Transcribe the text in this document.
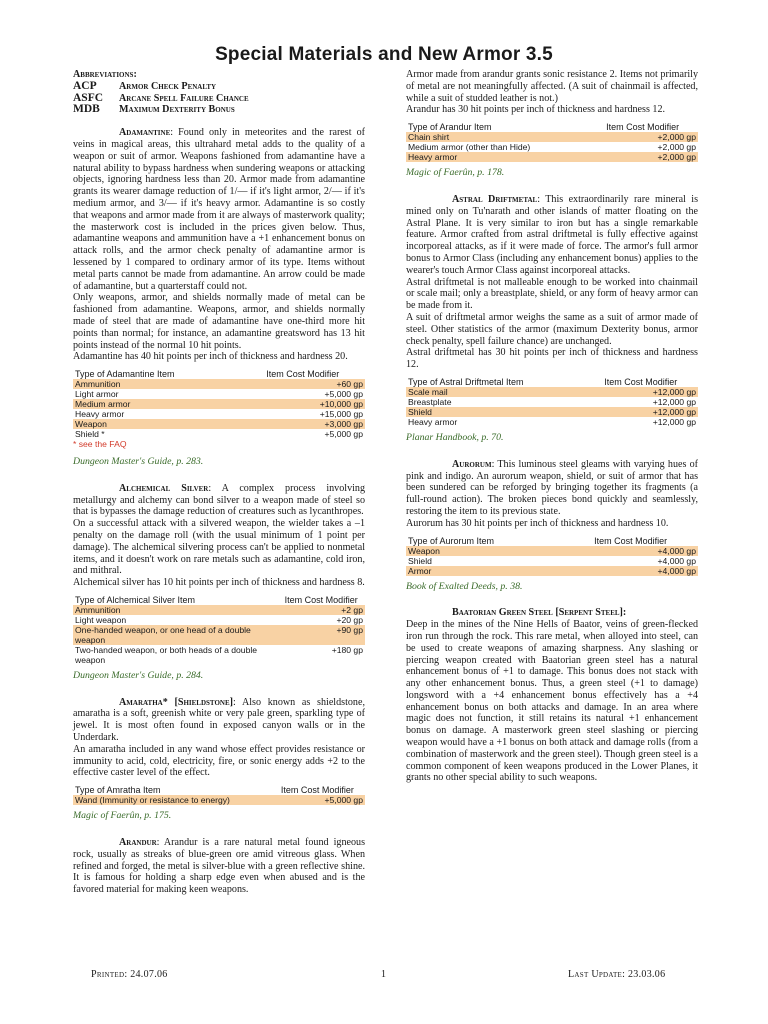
Special Materials and New Armor 3.5
Abbreviations:
ACP	Armor Check Penalty
ASFC	Arcane Spell Failure Chance
MDB	Maximum Dexterity Bonus

Adamantine: Found only in meteorites and the rarest of veins in magical areas, this ultrahard metal adds to the quality of a weapon or suit of armor. Weapons fashioned from adamantine have a natural ability to bypass hardness when sundering weapons or attacking objects, ignoring hardness less than 20. Armor made from adamantine grants its wearer damage reduction of 1/— if it's light armor, 2/— if it's medium armor, and 3/— if it's heavy armor. Adamantine is so costly that weapons and armor made from it are always of masterwork quality; the masterwork cost is included in the prices given below. Thus, adamantine weapons and ammunition have a +1 enhancement bonus on attack rolls, and the armor check penalty of adamantine armor is lessened by 1 compared to ordinary armor of its type. Items without metal parts cannot be made from adamantine. An arrow could be made of adamantine, but a quarterstaff could not.

Only weapons, armor, and shields normally made of metal can be fashioned from adamantine. Weapons, armor, and shields normally made of steel that are made of adamantine have one-third more hit points than normal; for instance, an adamantine greatsword has 13 hit points instead of the normal 10 hit points.

Adamantine has 40 hit points per inch of thickness and hardness 20.

Type of Adamantine Item	Item Cost Modifier
Ammunition	+60 gp
Light armor	+5,000 gp
Medium armor	+10,000 gp
Heavy armor	+15,000 gp
Weapon	+3,000 gp
Shield *	+5,000 gp
* see the FAQ
Dungeon Master's Guide, p. 283.

Alchemical Silver: A complex process involving metallurgy and alchemy can bond silver to a weapon made of steel so that is bypasses the damage reduction of creatures such as lycanthropes.

On a successful attack with a silvered weapon, the wielder takes a –1 penalty on the damage roll (with the usual minimum of 1 point per damage). The alchemical silvering process can't be applied to nonmetal items, and it doesn't work on rare metals such as adamantine, cold iron, and mithral.

Alchemical silver has 10 hit points per inch of thickness and hardness 8.

Type of Alchemical Silver Item	Item Cost Modifier
Ammunition	+2 gp
Light weapon	+20 gp
One-handed weapon, or one head of a double weapon	+90 gp
Two-handed weapon, or both heads of a double weapon	+180 gp
Dungeon Master's Guide, p. 284.

Amaratha* [Shieldstone]: Also known as shieldstone, amaratha is a soft, greenish white or very pale green, sparkling type of jewel. It is most often found in exposed canyon walls or in the Underdark.

An amaratha included in any wand whose effect provides resistance or immunity to acid, cold, electricity, fire, or sonic energy adds +2 to the effective caster level of the effect.

Type of Amratha Item	Item Cost Modifier
Wand (Immunity or resistance to energy)	+5,000 gp
Magic of Faerûn, p. 175.

Arandur: Arandur is a rare natural metal found igneous rock, usually as streaks of blue-green ore amid vitreous glass. When refined and forged, the metal is silver-blue with a green reflective shine. It is famous for holding a sharp edge even when abused and is the favored material for making keen weapons.

Armor made from arandur grants sonic resistance 2. Items not primarily of metal are not meaningfully affected. (A suit of chainmail is affected, while a suit of studded leather is not.)

Arandur has 30 hit points per inch of thickness and hardness 12.

Type of Arandur Item	Item Cost Modifier
Chain shirt	+2,000 gp
Medium armor (other than Hide)	+2,000 gp
Heavy armor	+2,000 gp
Magic of Faerûn, p. 178.

Astral Driftmetal: This extraordinarily rare mineral is mined only on Tu'narath and other islands of matter floating on the Astral Plane. It is very similar to iron but has a single remarkable feature. Armor crafted from astral driftmetal is fully effective against incorporeal attacks, as if it were made of force. The armor's full armor bonus to Armor Class (including any enhancement bonus) applies to the wearer's touch Armor Class against incorporeal attacks.

Astral driftmetal is not malleable enough to be worked into chainmail or scale mail; only a breastplate, shield, or any form of heavy armor can be made from it.

A suit of driftmetal armor weighs the same as a suit of armor made of steel. Other statistics of the armor (maximum Dexterity bonus, armor check penalty, spell failure chance) are unchanged.

Astral driftmetal has 30 hit points per inch of thickness and hardness 12.

Type of Astral Driftmetal Item	Item Cost Modifier
Scale mail	+12,000 gp
Breastplate	+12,000 gp
Shield	+12,000 gp
Heavy armor	+12,000 gp
Planar Handbook, p. 70.

Aurorum: This luminous steel gleams with varying hues of pink and indigo. An aurorum weapon, shield, or suit of armor that has been sundered can be reforged by bringing together its fragments (a full-round action). The broken pieces bond quickly and seamlessly, restoring the item to its previous state.

Aurorum has 30 hit points per inch of thickness and hardness 10.

Type of Aurorum Item	Item Cost Modifier
Weapon	+4,000 gp
Shield	+4,000 gp
Armor	+4,000 gp
Book of Exalted Deeds, p. 38.

Baatorian Green Steel [Serpent Steel]:

Deep in the mines of the Nine Hells of Baator, veins of green-flecked iron run through the rock. This rare metal, when alloyed into steel, can be used to create weapons of amazing sharpness. Any slashing or piercing weapon created with Baatorian green steel has a natural enhancement bonus of +1 to damage. This bonus does not stack with any other enhancement bonus. Thus, a green steel (+1 to damage) longsword with a +4 enhancement bonus effectively has a +4 enhancement bonus on both attacks and damage. In an area where magic does not function, it still retains its natural +1 enhancement bonus on damage. A masterwork green steel slashing or piercing weapon would have a +1 bonus on both attack and damage rolls (from a combination of masterwork and the green steel). Though green steel is a common component of keen weapons produced in the Lower Planes, it grants no other special ability to such weapons.

Printed: 24.07.06	1	Last Update: 23.03.06
